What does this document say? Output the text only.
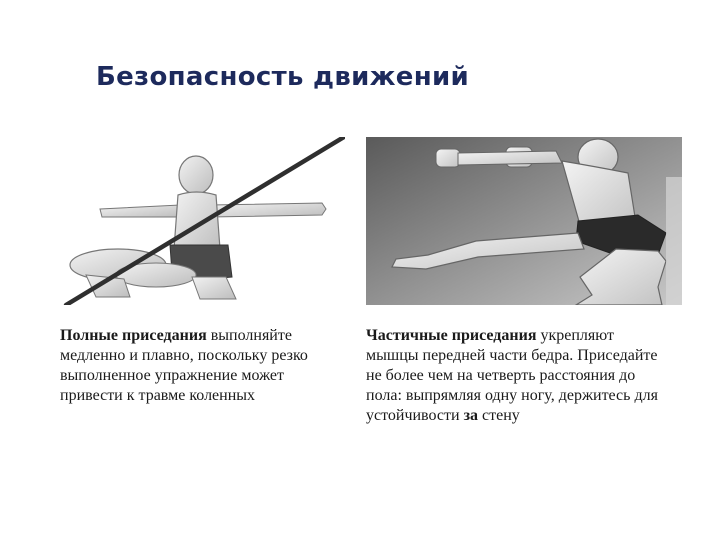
Безопасность движений
Полные приседания выполняйте медленно и плавно, поскольку резко выполненное упражнение может привести к травме коленных
Частичные приседания укрепляют мышцы передней части бедра. Приседайте не более чем на четверть расстояния до пола: выпрямляя одну ногу, держитесь для устойчивости за стену
